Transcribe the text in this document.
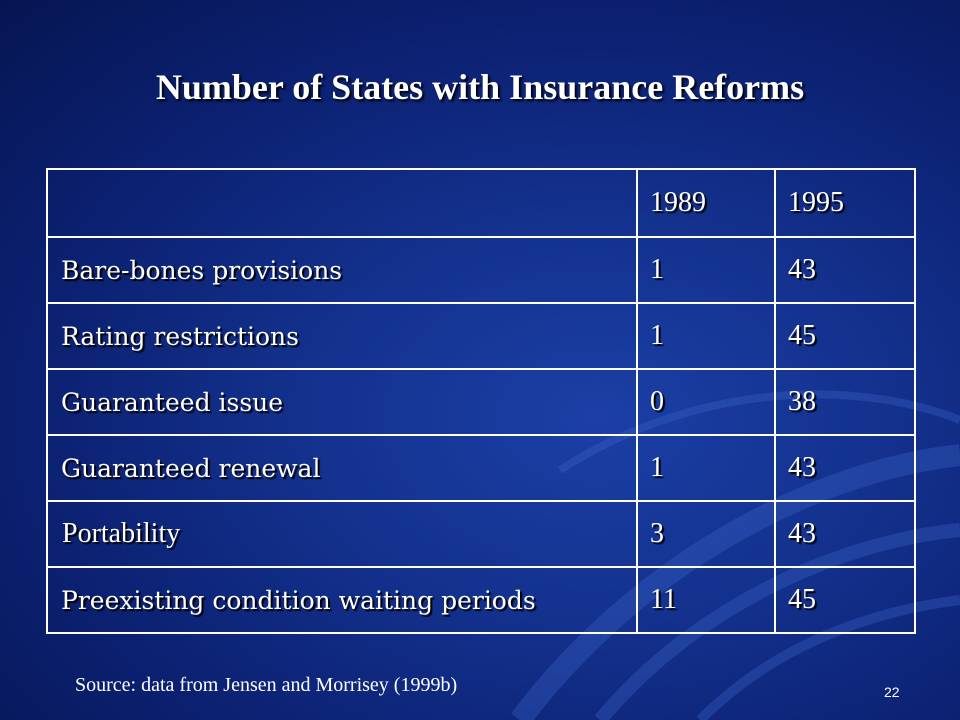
Number of States with Insurance Reforms
	1989	1995
Bare-bones provisions	1	43
Rating restrictions	1	45
Guaranteed issue	0	38
Guaranteed renewal	1	43
Portability	3	43
Preexisting condition waiting periods	11	45
Source: data from Jensen and Morrisey (1999b)	22
